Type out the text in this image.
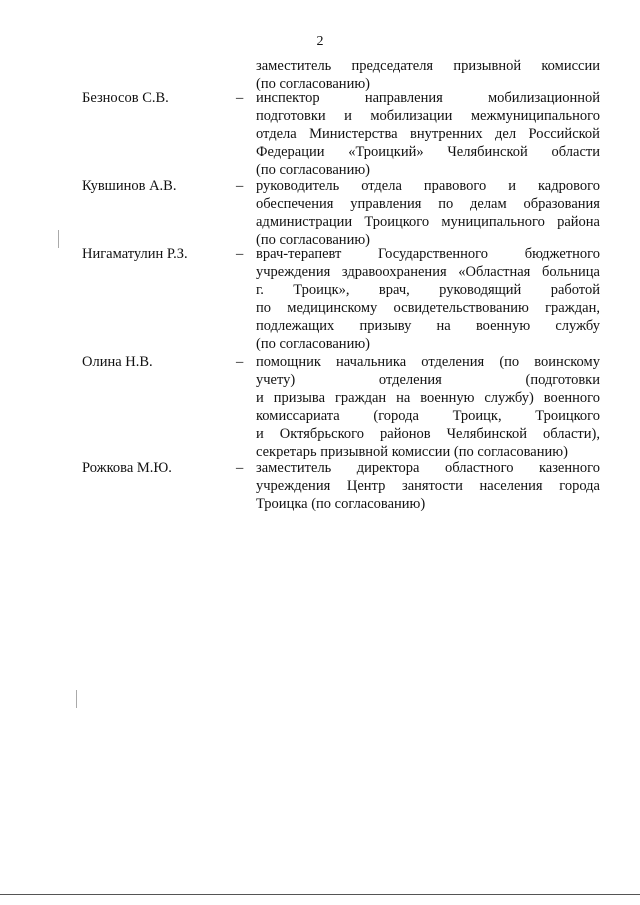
2
заместитель председателя призывной комиссии
(по согласованию)
Безносов С.В.	– инспектор	направления	мобилизационной
подготовки и мобилизации межмуниципального
отдела Министерства внутренних дел Российской
Федерации «Троицкий» Челябинской области
(по согласованию)
Кувшинов А.В.	– руководитель отдела правового и кадрового
обеспечения управления по делам образования
администрации Троицкого муниципального района
(по согласованию)
Нигаматулин Р.З.	– врач-терапевт	Государственного	бюджетного
учреждения здравоохранения «Областная больница
г. Троицк», врач, руководящий работой
по медицинскому освидетельствованию граждан,
подлежащих призыву на военную службу
(по согласованию)
Олина Н.В.	– помощник начальника отделения (по воинскому
учету)	отделения	(подготовки
и призыва граждан на военную службу) военного
комиссариата (города Троицк, Троицкого
и Октябрьского районов Челябинской области),
секретарь призывной комиссии (по согласованию)
Рожкова М.Ю.	– заместитель директора областного казенного
учреждения Центр занятости населения города
Троицка (по согласованию)
